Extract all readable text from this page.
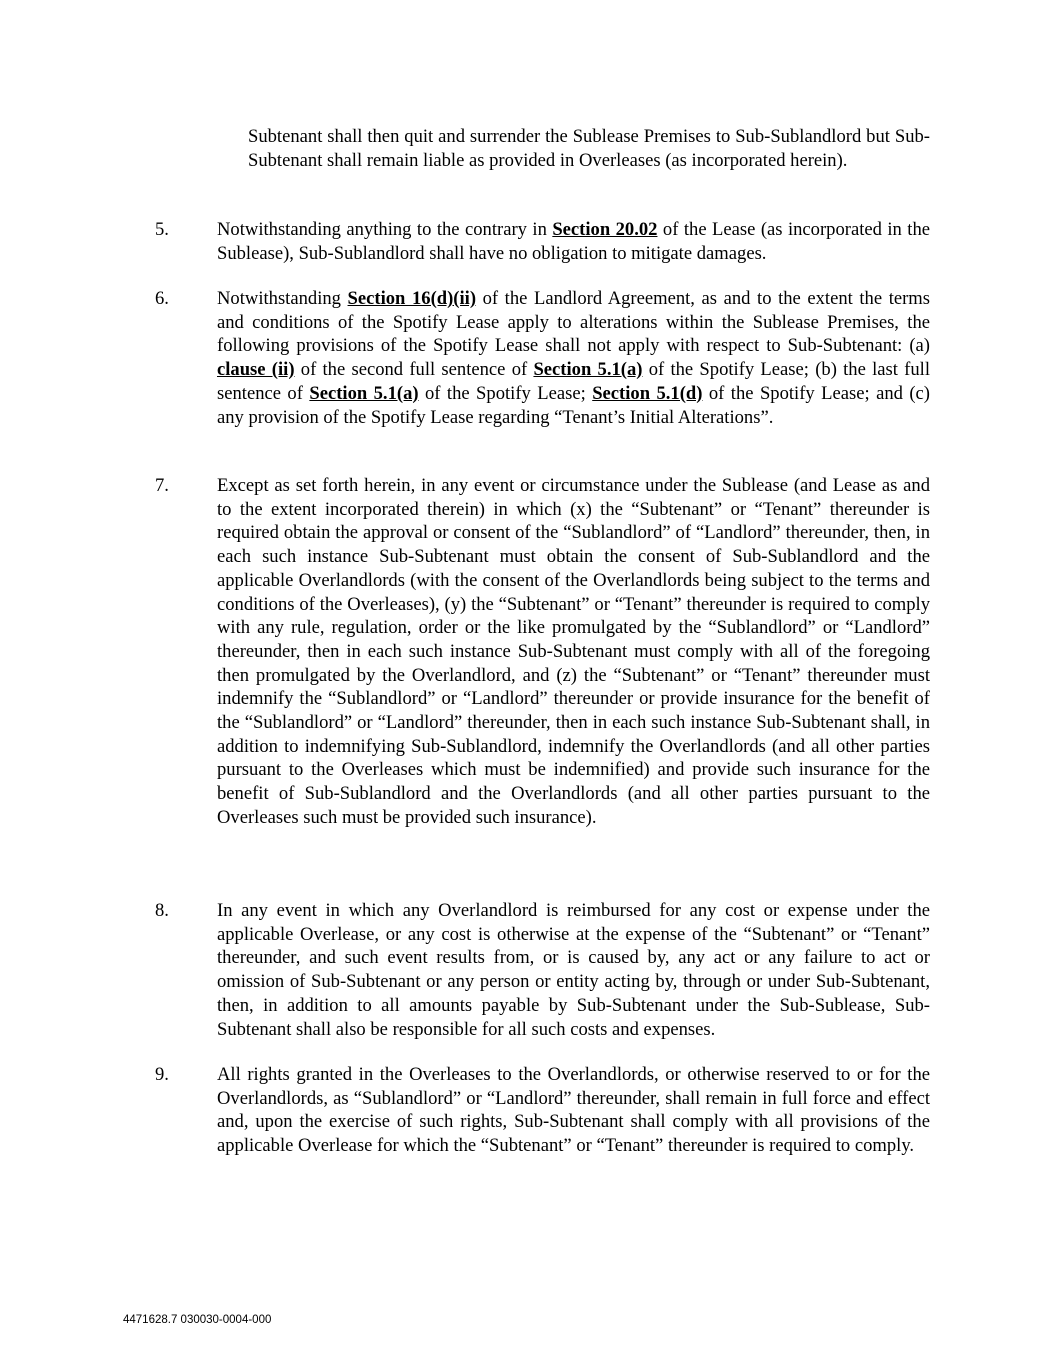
Subtenant shall then quit and surrender the Sublease Premises to Sub-Sublandlord but Sub-Subtenant shall remain liable as provided in Overleases (as incorporated herein).

5.	Notwithstanding anything to the contrary in Section 20.02 of the Lease (as incorporated in the Sublease), Sub-Sublandlord shall have no obligation to mitigate damages.

6.	Notwithstanding Section 16(d)(ii) of the Landlord Agreement, as and to the extent the terms and conditions of the Spotify Lease apply to alterations within the Sublease Premises, the following provisions of the Spotify Lease shall not apply with respect to Sub-Subtenant: (a) clause (ii) of the second full sentence of Section 5.1(a) of the Spotify Lease; (b) the last full sentence of Section 5.1(a) of the Spotify Lease; Section 5.1(d) of the Spotify Lease; and (c) any provision of the Spotify Lease regarding “Tenant’s Initial Alterations”.

7.	Except as set forth herein, in any event or circumstance under the Sublease (and Lease as and to the extent incorporated therein) in which (x) the “Subtenant” or “Tenant” thereunder is required obtain the approval or consent of the “Sublandlord” of “Landlord” thereunder, then, in each such instance Sub-Subtenant must obtain the consent of Sub-Sublandlord and the applicable Overlandlords (with the consent of the Overlandlords being subject to the terms and conditions of the Overleases), (y) the “Subtenant” or “Tenant” thereunder is required to comply with any rule, regulation, order or the like promulgated by the “Sublandlord” or “Landlord” thereunder, then in each such instance Sub-Subtenant must comply with all of the foregoing then promulgated by the Overlandlord, and (z) the “Subtenant” or “Tenant” thereunder must indemnify the “Sublandlord” or “Landlord” thereunder or provide insurance for the benefit of the “Sublandlord” or “Landlord” thereunder, then in each such instance Sub-Subtenant shall, in addition to indemnifying Sub-Sublandlord, indemnify the Overlandlords (and all other parties pursuant to the Overleases which must be indemnified) and provide such insurance for the benefit of Sub-Sublandlord and the Overlandlords (and all other parties pursuant to the Overleases such must be provided such insurance).

8.	In any event in which any Overlandlord is reimbursed for any cost or expense under the applicable Overlease, or any cost is otherwise at the expense of the “Subtenant” or “Tenant” thereunder, and such event results from, or is caused by, any act or any failure to act or omission of Sub-Subtenant or any person or entity acting by, through or under Sub-Subtenant, then, in addition to all amounts payable by Sub-Subtenant under the Sub-Sublease, Sub-Subtenant shall also be responsible for all such costs and expenses.

9.	All rights granted in the Overleases to the Overlandlords, or otherwise reserved to or for the Overlandlords, as “Sublandlord” or “Landlord” thereunder, shall remain in full force and effect and, upon the exercise of such rights, Sub-Subtenant shall comply with all provisions of the applicable Overlease for which the “Subtenant” or “Tenant” thereunder is required to comply.

4471628.7 030030-0004-000
